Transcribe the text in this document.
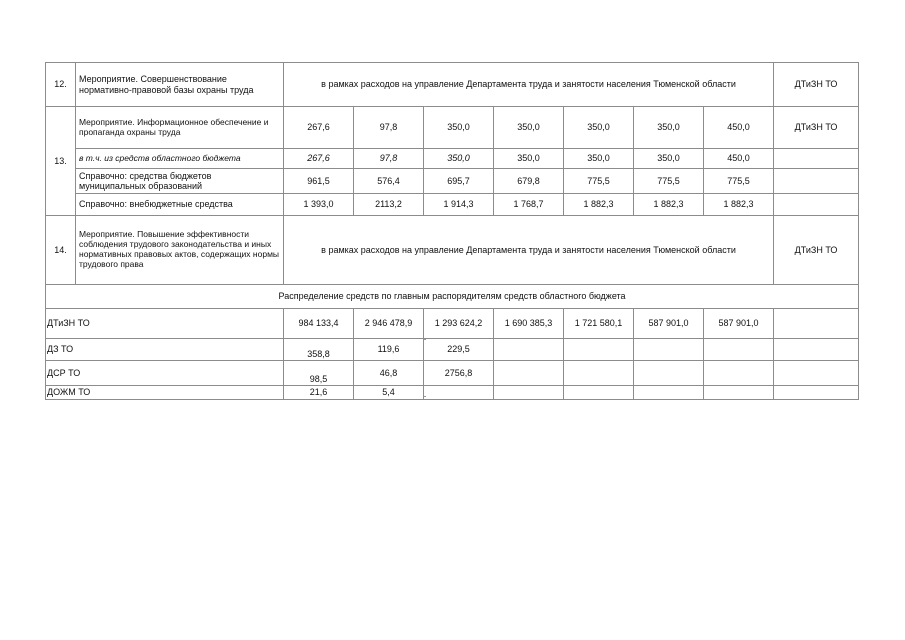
12.	Мероприятие. Совершенствование нормативно-правовой базы охраны труда	в рамках расходов на управление Департамента труда и занятости населения Тюменской области							ДТиЗН ТО
13.	Мероприятие. Информационное обеспечение и пропаганда охраны труда	267,6	97,8	350,0	350,0	350,0	350,0	450,0	ДТиЗН ТО
	в т.ч. из средств областного бюджета	267,6	97,8	350,0	350,0	350,0	350,0	450,0	
	Справочно: средства бюджетов муниципальных образований	961,5	576,4	695,7	679,8	775,5	775,5	775,5	
	Справочно: внебюджетные средства	1 393,0	2113,2	1 914,3	1 768,7	1 882,3	1 882,3	1 882,3	
14.	Мероприятие. Повышение эффективности соблюдения трудового законодательства и иных нормативных правовых актов, содержащих нормы трудового права	в рамках расходов на управление Департамента труда и занятости населения Тюменской области							ДТиЗН ТО
Распределение средств по главным распорядителям средств областного бюджета									
ДТиЗН ТО		984 133,4	2 946 478,9	1 293 624,2	1 690 385,3	1 721 580,1	587 901,0	587 901,0	
ДЗ ТО		358,8	119,6	229,5					
ДСР ТО		98,5	46,8	2756,8					
ДОЖМ ТО		21,6	5,4						
